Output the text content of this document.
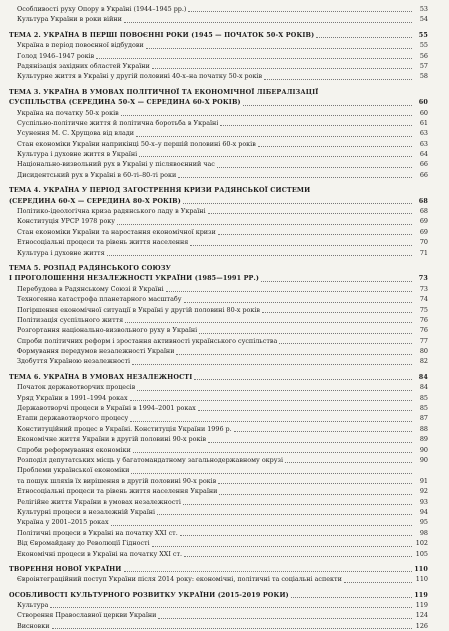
Особливості руху Опору в Україні (1944–1945 рр.)	53
Культура України в роки війни	54
ТЕМА 2. УКРАЇНА В ПЕРШІ ПОВОЄННІ РОКИ (1945 — ПОЧАТОК 50-Х РОКІВ)	55
Україна в період повоєнної відбудови	55
Голод 1946–1947 років	56
Радянізація західних областей України	57
Культурне життя в Україні у другій половині 40-х–на початку 50-х років	58
ТЕМА 3. УКРАЇНА В УМОВАХ ПОЛІТИЧНОЇ ТА ЕКОНОМІЧНОЇ ЛІБЕРАЛІЗАЦІЇ
СУСПІЛЬСТВА (СЕРЕДИНА 50-Х — СЕРЕДИНА 60-Х РОКІВ)	60
Україна на початку 50-х років	60
Суспільно-політичне життя й політична боротьба в Україні	61
Усунення М. С. Хрущова від влади	63
Стан економіки України наприкінці 50-х–у першій половині 60-х років	63
Культура і духовне життя в Україні	64
Національно-визвольний рух в Україні у післявоєнний час	66
Дисидентський рух в Україні в 60-ті–80-ті роки	66
ТЕМА 4. УКРАЇНА У ПЕРІОД ЗАГОСТРЕННЯ КРИЗИ РАДЯНСЬКОЇ СИСТЕМИ
(СЕРЕДИНА 60-Х — СЕРЕДИНА 80-Х РОКІВ)	68
Політико-ідеологічна криза радянського ладу в Україні	68
Конституція УРСР 1978 року	69
Стан економіки України та наростання економічної кризи	69
Етносоціальні процеси та рівень життя населення	70
Культура і духовне життя	71
ТЕМА 5. РОЗПАД РАДЯНСЬКОГО СОЮЗУ
І ПРОГОЛОШЕННЯ НЕЗАЛЕЖНОСТІ УКРАЇНИ (1985—1991 РР.)	73
Перебудова в Радянському Союзі й Україні	73
Техногенна катастрофа планетарного масштабу	74
Погіршення економічної ситуації в Україні у другій половині 80-х років	75
Політизація суспільного життя	76
Розгортання національно-визвольного руху в Україні	76
Спроби політичних реформ і зростання активності українського суспільства	77
Формування передумов незалежності України	80
Здобуття Україною незалежності	82
ТЕМА 6. УКРАЇНА В УМОВАХ НЕЗАЛЕЖНОСТІ	84
Початок державотворчих процесів	84
Уряд України в 1991–1994 роках	85
Державотворчі процеси в Україні в 1994–2001 роках	85
Етапи державотворчого процесу	87
Конституційний процес в Україні. Конституція України 1996 р.	88
Економічне життя України в другій половині 90-х років	89
Спроби реформування економіки	90
Розподіл депутатських місць у багатомандатному загальнодержавному окрузі	90
Проблеми української економіки
та пошук шляхів їх вирішення в другій половині 90-х років	91
Етносоціальні процеси та рівень життя населення України	92
Релігійне життя України в умовах незалежності	93
Культурні процеси в незалежній Україні	94
Україна у 2001–2015 роках	95
Політичні процеси в Україні на початку ХХІ ст.	98
Від Євромайдану до Революції Гідності	102
Економічні процеси в Україні на початку ХХІ ст.	105
ТВОРЕННЯ НОВОЇ УКРАЇНИ	110
Євроінтеграційний поступ України після 2014 року: економічні, політичні та соціальні аспекти	110
ОСОБЛИВОСТІ КУЛЬТУРНОГО РОЗВИТКУ УКРАЇНИ (2015-2019 РОКИ)	119
Культура	119
Створення Православної церкви України	124
Висновки	126
